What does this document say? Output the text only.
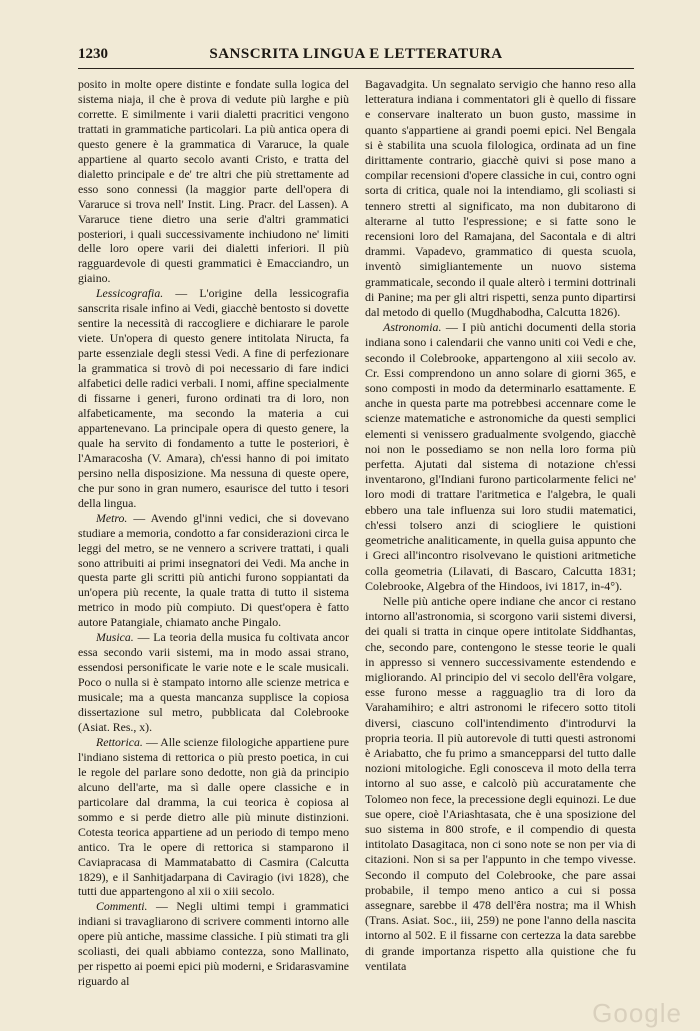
1230	SANSCRITA LINGUA E LETTERATURA

posito in molte opere distinte e fondate sulla logica del sistema niaja, il che è prova di vedute più larghe e più corrette. E similmente i varii dialetti pracritici vengono trattati in grammatiche particolari. La più antica opera di questo genere è la grammatica di Vararuce, la quale appartiene al quarto secolo avanti Cristo, e tratta del dialetto principale e de' tre altri che più strettamente ad esso sono connessi (la maggior parte dell'opera di Vararuce si trova nell' Instit. Ling. Pracr. del Lassen). A Vararuce tiene dietro una serie d'altri grammatici posteriori, i quali successivamente inchiudono ne' limiti delle loro opere varii dei dialetti inferiori. Il più ragguardevole di questi grammatici è Emacciandro, un giaino.

Lessicografia. — L'origine della lessicografia sanscrita risale infino ai Vedi, giacchè bentosto si dovette sentire la necessità di raccogliere e dichiarare le parole viete. Un'opera di questo genere intitolata Niructa, fa parte essenziale degli stessi Vedi. A fine di perfezionare la grammatica si trovò di poi necessario di fare indici alfabetici delle radici verbali. I nomi, affine specialmente di fissarne i generi, furono ordinati tra di loro, non alfabeticamente, ma secondo la materia a cui appartenevano. La principale opera di questo genere, la quale ha servito di fondamento a tutte le posteriori, è l'Amaracosha (V. Amara), ch'essi hanno di poi imitato persino nella disposizione. Ma nessuna di queste opere, che pur sono in gran numero, esaurisce del tutto i tesori della lingua.

Metro. — Avendo gl'inni vedici, che si dovevano studiare a memoria, condotto a far considerazioni circa le leggi del metro, se ne vennero a scrivere trattati, i quali sono attribuiti ai primi insegnatori dei Vedi. Ma anche in questa parte gli scritti più antichi furono soppiantati da un'opera più recente, la quale tratta di tutto il sistema metrico in modo più compiuto. Di quest'opera è fatto autore Patangiale, chiamato anche Pingalo.

Musica. — La teoria della musica fu coltivata ancor essa secondo varii sistemi, ma in modo assai strano, essendosi personificate le varie note e le scale musicali. Poco o nulla si è stampato intorno alle scienze metrica e musicale; ma a questa mancanza supplisce la copiosa dissertazione sul metro, pubblicata dal Colebrooke (Asiat. Res., x).

Rettorica. — Alle scienze filologiche appartiene pure l'indiano sistema di rettorica o più presto poetica, in cui le regole del parlare sono dedotte, non già da principio alcuno dell'arte, ma sì dalle opere classiche e in particolare dal dramma, la cui teorica è copiosa al sommo e si perde dietro alle più minute distinzioni. Cotesta teorica appartiene ad un periodo di tempo meno antico. Tra le opere di rettorica si stamparono il Caviapracasa di Mammatabatto di Casmira (Calcutta 1829), e il Sanhitjadarpana di Caviragio (ivi 1828), che tutti due appartengono al xii o xiii secolo.

Commenti. — Negli ultimi tempi i grammatici indiani si travagliarono di scrivere commenti intorno alle opere più antiche, massime classiche. I più stimati tra gli scoliasti, dei quali abbiamo contezza, sono Mallinato, per rispetto ai poemi epici più moderni, e Sridarasvamine riguardo al

Bagavadgita. Un segnalato servigio che hanno reso alla letteratura indiana i commentatori gli è quello di fissare e conservare inalterato un buon gusto, massime in quanto s'appartiene ai grandi poemi epici. Nel Bengala si è stabilita una scuola filologica, ordinata ad un fine dirittamente contrario, giacchè quivi si pose mano a compilar recensioni d'opere classiche in cui, contro ogni sorta di critica, quale noi la intendiamo, gli scoliasti si tennero stretti al significato, ma non dubitarono di alterarne al tutto l'espressione; e si fatte sono le recensioni loro del Ramajana, del Sacontala e di altri drammi. Vapadevo, grammatico di questa scuola, inventò simigliantemente un nuovo sistema grammaticale, secondo il quale alterò i termini dottrinali di Panine; ma per gli altri rispetti, senza punto dipartirsi dal metodo di quello (Mugdhabodha, Calcutta 1826).

Astronomia. — I più antichi documenti della storia indiana sono i calendarii che vanno uniti coi Vedi e che, secondo il Colebrooke, appartengono al xiii secolo av. Cr. Essi comprendono un anno solare di giorni 365, e sono composti in modo da determinarlo esattamente. E anche in questa parte ma potrebbesi accennare come le scienze matematiche e astronomiche da questi semplici elementi si venissero gradualmente svolgendo, giacchè noi non le possediamo se non nella loro forma più perfetta. Ajutati dal sistema di notazione ch'essi inventarono, gl'Indiani furono particolarmente felici ne' loro modi di trattare l'aritmetica e l'algebra, le quali ebbero una tale influenza sui loro studii matematici, ch'essi tolsero anzi di sciogliere le quistioni geometriche analiticamente, in quella guisa appunto che i Greci all'incontro risolvevano le quistioni aritmetiche colla geometria (Lilavati, di Bascaro, Calcutta 1831; Colebrooke, Algebra of the Hindoos, ivi 1817, in-4°).

Nelle più antiche opere indiane che ancor ci restano intorno all'astronomia, si scorgono varii sistemi diversi, dei quali si tratta in cinque opere intitolate Siddhantas, che, secondo pare, contengono le stesse teorie le quali in appresso si vennero successivamente estendendo e migliorando. Al principio del vi secolo dell'êra volgare, esse furono messe a ragguaglio tra di loro da Varahamihiro; e altri astronomi le rifecero sotto titoli diversi, ciascuno coll'intendimento d'introdurvi la propria teoria. Il più autorevole di tutti questi astronomi è Ariabatto, che fu primo a smancepparsi del tutto dalle nozioni mitologiche. Egli conosceva il moto della terra intorno al suo asse, e calcolò più accuratamente che Tolomeo non fece, la precessione degli equinozi. Le due sue opere, cioè l'Ariashtasata, che è una sposizione del suo sistema in 800 strofe, e il compendio di questa intitolato Dasagitaca, non ci sono note se non per via di citazioni. Non si sa per l'appunto in che tempo vivesse. Secondo il computo del Colebrooke, che pare assai probabile, il tempo meno antico a cui si possa assegnare, sarebbe il 478 dell'êra nostra; ma il Whish (Trans. Asiat. Soc., iii, 259) ne pone l'anno della nascita intorno al 502. E il fissarne con certezza la data sarebbe di grande importanza rispetto alla quistione che fu ventilata

Google
